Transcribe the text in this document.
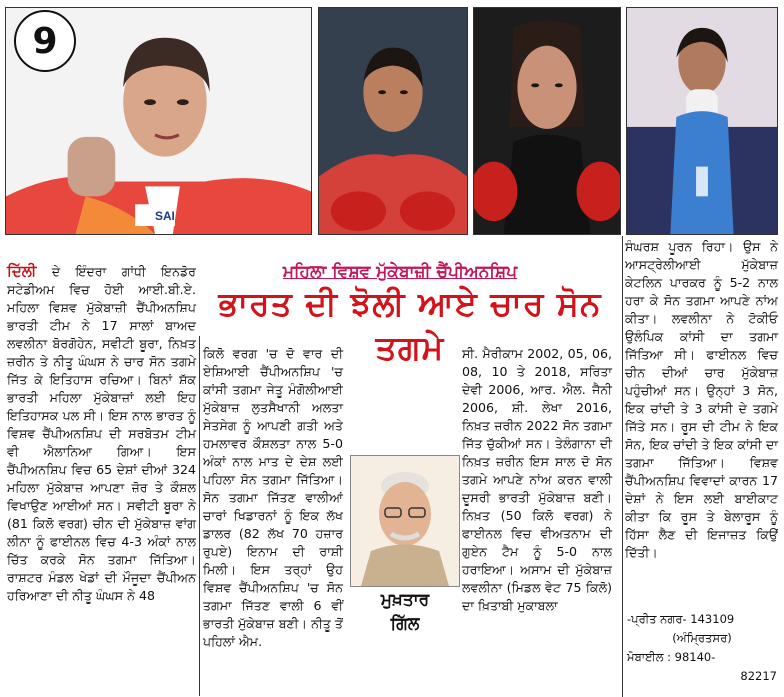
SAI
9
ਮਹਿਲਾ ਵਿਸ਼ਵ ਮੁੱਕੇਬਾਜ਼ੀ ਚੈਂਪੀਅਨਸ਼ਿਪ
ਭਾਰਤ ਦੀ ਝੋਲੀ ਆਏ ਚਾਰ ਸੋਨ ਤਗਮੇ

ਦਿੱਲੀ ਦੇ ਇੰਦਰਾ ਗਾਂਧੀ ਇਨਡੋਰ ਸਟੇਡੀਅਮ ਵਿਚ ਹੋਈ ਆਈ.ਬੀ.ਏ. ਮਹਿਲਾ ਵਿਸ਼ਵ ਮੁੱਕੇਬਾਜ਼ੀ ਚੈਂਪੀਅਨਸ਼ਿਪ ਭਾਰਤੀ ਟੀਮ ਨੇ 17 ਸਾਲਾਂ ਬਾਅਦ ਲਵਲੀਨਾ ਬੋਰਗੋਹੇਨ, ਸਵੀਟੀ ਬੂਰਾ, ਨਿਖ਼ਤ ਜ਼ਰੀਨ ਤੇ ਨੀਤੂ ਘੰਘਸ ਨੇ ਚਾਰ ਸੋਨ ਤਗਮੇ ਜਿੱਤ ਕੇ ਇਤਿਹਾਸ ਰਚਿਆ। ਬਿਨਾਂ ਸ਼ੱਕ ਭਾਰਤੀ ਮਹਿਲਾ ਮੁੱਕੇਬਾਜ਼ਾਂ ਲਈ ਇਹ ਇਤਿਹਾਸਕ ਪਲ ਸੀ। ਇਸ ਨਾਲ ਭਾਰਤ ਨੂੰ ਵਿਸ਼ਵ ਚੈਂਪੀਅਨਸ਼ਿਪ ਦੀ ਸਰਬੋਤਮ ਟੀਮ ਵੀ ਐਲਾਨਿਆ ਗਿਆ। ਇਸ ਚੈਂਪੀਅਨਸ਼ਿਪ ਵਿਚ 65 ਦੇਸ਼ਾਂ ਦੀਆਂ 324 ਮਹਿਲਾ ਮੁੱਕੇਬਾਜ਼ ਆਪਣਾ ਜ਼ੋਰ ਤੇ ਕੌਸ਼ਲ ਵਿਖਾਉਣ ਆਈਆਂ ਸਨ। ਸਵੀਟੀ ਬੂਰਾ ਨੇ (81 ਕਿਲੋ ਵਰਗ) ਚੀਨ ਦੀ ਮੁੱਕੇਬਾਜ਼ ਵਾਂਗ ਲੀਨਾ ਨੂੰ ਫਾਈਨਲ ਵਿਚ 4-3 ਅੰਕਾਂ ਨਾਲ ਚਿੱਤ ਕਰਕੇ ਸੋਨ ਤਗਮਾ ਜਿੱਤਿਆ। ਰਾਸ਼ਟਰ ਮੰਡਲ ਖੇਡਾਂ ਦੀ ਮੌਜੂਦਾ ਚੈਂਪੀਅਨ ਹਰਿਆਣਾ ਦੀ ਨੀਤੂ ਘੰਘਸ ਨੇ 48

ਕਿਲੋ ਵਰਗ 'ਚ ਦੋ ਵਾਰ ਦੀ ਏਸ਼ਿਆਈ ਚੈਂਪੀਅਨਸ਼ਿਪ 'ਚ ਕਾਂਸੀ ਤਗਮਾ ਜੇਤੂ ਮੰਗੋਲੀਆਈ ਮੁੱਕੇਬਾਜ਼ ਲੁਤਸੈਖਾਨੀ ਅਲਤਾ ਸੇਤਸੇਗ ਨੂੰ ਆਪਣੀ ਗਤੀ ਅਤੇ ਹਮਲਾਵਰ ਕੌਸ਼ਲਤਾ ਨਾਲ 5-0 ਅੰਕਾਂ ਨਾਲ ਮਾਤ ਦੇ ਦੇਸ਼ ਲਈ ਪਹਿਲਾ ਸੋਨ ਤਗਮਾ ਜਿੱਤਿਆ। ਸੋਨ ਤਗਮਾ ਜਿੱਤਣ ਵਾਲੀਆਂ ਚਾਰਾਂ ਖਿਡਾਰਨਾਂ ਨੂੰ ਇਕ ਲੱਖ ਡਾਲਰ (82 ਲੱਖ 70 ਹਜ਼ਾਰ ਰੁਪਏ) ਇਨਾਮ ਦੀ ਰਾਸ਼ੀ ਮਿਲੀ। ਇਸ ਤਰ੍ਹਾਂ ਉਹ ਵਿਸ਼ਵ ਚੈਂਪੀਅਨਸ਼ਿਪ 'ਚ ਸੋਨ ਤਗਮਾ ਜਿੱਤਣ ਵਾਲੀ 6 ਵੀਂ ਭਾਰਤੀ ਮੁੱਕੇਬਾਜ਼ ਬਣੀ। ਨੀਤੂ ਤੋਂ ਪਹਿਲਾਂ ਐਮ.

ਮੁਖ਼ਤਾਰ
ਗਿੱਲ

ਸੀ. ਮੈਰੀਕਾਮ 2002, 05, 06, 08, 10 ਤੇ 2018, ਸਰਿਤਾ ਦੇਵੀ 2006, ਆਰ. ਐਲ. ਜੈਨੀ 2006, ਸ਼ੀ. ਲੇਖਾ 2016, ਨਿਖ਼ਤ ਜ਼ਰੀਨ 2022 ਸੋਨ ਤਗਮਾ ਜਿੱਤ ਚੁੱਕੀਆਂ ਸਨ। ਤੇਲੰਗਾਨਾ ਦੀ ਨਿਖ਼ਤ ਜ਼ਰੀਨ ਇਸ ਸਾਲ ਦੋ ਸੋਨ ਤਗਮੇ ਆਪਣੇ ਨਾਂਅ ਕਰਨ ਵਾਲੀ ਦੂਸਰੀ ਭਾਰਤੀ ਮੁੱਕੇਬਾਜ਼ ਬਣੀ। ਨਿਖ਼ਤ (50 ਕਿਲੋ ਵਰਗ) ਨੇ ਫਾਈਨਲ ਵਿਚ ਵੀਅਤਨਾਮ ਦੀ ਗੁਏਨ ਟੈਮ ਨੂੰ 5-0 ਨਾਲ ਹਰਾਇਆ। ਅਸਾਮ ਦੀ ਮੁੱਕੇਬਾਜ਼ ਲਵਲੀਨਾ (ਮਿਡਲ ਵੇਟ 75 ਕਿਲੋ) ਦਾ ਖ਼ਿਤਾਬੀ ਮੁਕਾਬਲਾ

ਸੰਘਰਸ਼ ਪੂਰਨ ਰਿਹਾ। ਉਸ ਨੇ ਆਸਟ੍ਰੇਲੀਆਈ ਮੁੱਕੇਬਾਜ਼ ਕੇਟਲਿਨ ਪਾਰਕਰ ਨੂੰ 5-2 ਨਾਲ ਹਰਾ ਕੇ ਸੋਨ ਤਗਮਾ ਆਪਣੇ ਨਾਂਅ ਕੀਤਾ। ਲਵਲੀਨਾ ਨੇ ਟੋਕੀਓ ਉਲੰਪਿਕ ਕਾਂਸੀ ਦਾ ਤਗਮਾ ਜਿੱਤਿਆ ਸੀ। ਫਾਈਨਲ ਵਿਚ ਚੀਨ ਦੀਆਂ ਚਾਰ ਮੁੱਕੇਬਾਜ਼ ਪਹੁੰਚੀਆਂ ਸਨ। ਉਨ੍ਹਾਂ 3 ਸੋਨ, ਇਕ ਚਾਂਦੀ ਤੇ 3 ਕਾਂਸੀ ਦੇ ਤਗਮੇ ਜਿੱਤੇ ਸਨ। ਰੂਸ ਦੀ ਟੀਮ ਨੇ ਇਕ ਸੋਨ, ਇਕ ਚਾਂਦੀ ਤੇ ਇਕ ਕਾਂਸੀ ਦਾ ਤਗਮਾ ਜਿੱਤਿਆ। ਵਿਸ਼ਵ ਚੈਂਪੀਅਨਸ਼ਿਪ ਵਿਵਾਦਾਂ ਕਾਰਨ 17 ਦੇਸ਼ਾਂ ਨੇ ਇਸ ਲਈ ਬਾਈਕਾਟ ਕੀਤਾ ਕਿ ਰੂਸ ਤੇ ਬੇਲਾਰੂਸ ਨੂੰ ਹਿੱਸਾ ਲੈਣ ਦੀ ਇਜਾਜ਼ਤ ਕਿਉਂ ਦਿੱਤੀ।

-ਪ੍ਰੀਤ ਨਗਰ- 143109
(ਅੰਮ੍ਰਿਤਸਰ)
ਮੋਬਾਈਲ : 98140-
82217
